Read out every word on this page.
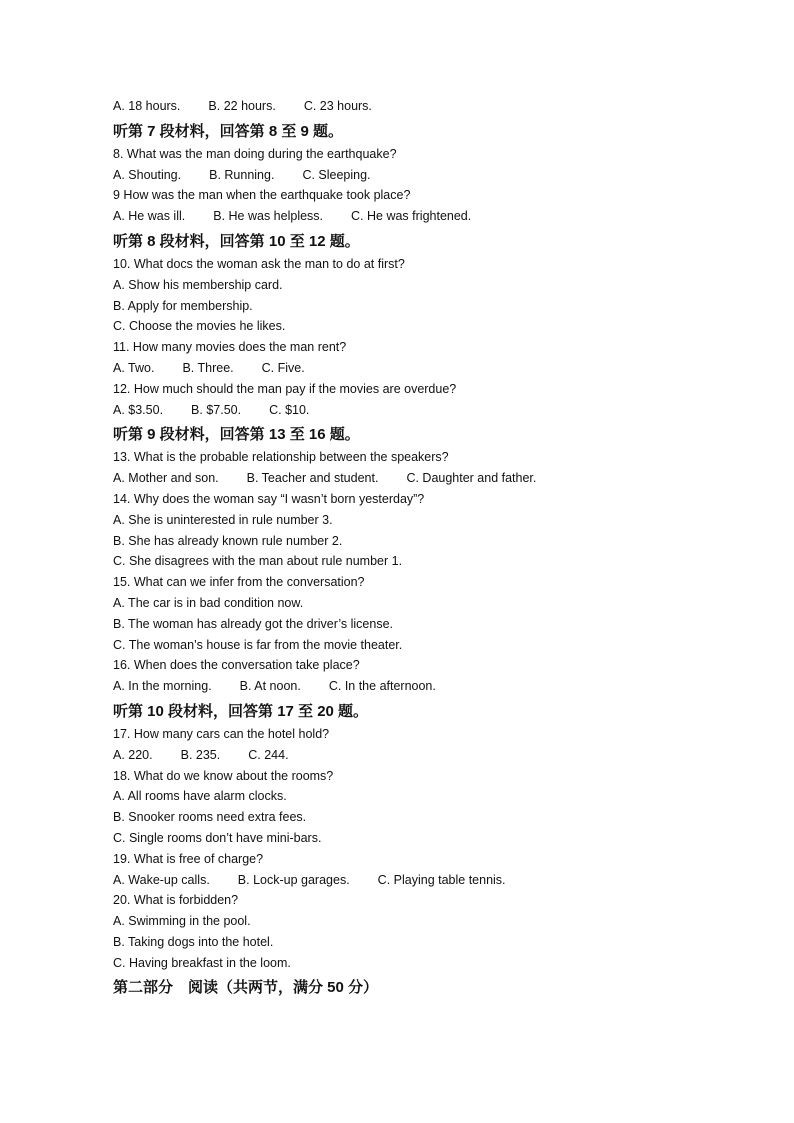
A. 18 hours. B. 22 hours. C. 23 hours.
听第 7 段材料，回答第 8 至 9 题。
8. What was the man doing during the earthquake?
A. Shouting. B. Running. C. Sleeping.
9 How was the man when the earthquake took place?
A. He was ill. B. He was helpless. C. He was frightened.
听第 8 段材料，回答第 10 至 12 题。
10. What docs the woman ask the man to do at first?
A. Show his membership card.
B. Apply for membership.
C. Choose the movies he likes.
11. How many movies does the man rent?
A. Two. B. Three. C. Five.
12. How much should the man pay if the movies are overdue?
A. $3.50. B. $7.50. C. $10.
听第 9 段材料，回答第 13 至 16 题。
13. What is the probable relationship between the speakers?
A. Mother and son. B. Teacher and student. C. Daughter and father.
14. Why does the woman say “I wasn’t born yesterday”?
A. She is uninterested in rule number 3.
B. She has already known rule number 2.
C. She disagrees with the man about rule number 1.
15. What can we infer from the conversation?
A. The car is in bad condition now.
B. The woman has already got the driver’s license.
C. The woman’s house is far from the movie theater.
16. When does the conversation take place?
A. In the morning. B. At noon. C. In the afternoon.
听第 10 段材料，回答第 17 至 20 题。
17. How many cars can the hotel hold?
A. 220. B. 235. C. 244.
18. What do we know about the rooms?
A. All rooms have alarm clocks.
B. Snooker rooms need extra fees.
C. Single rooms don’t have mini-bars.
19. What is free of charge?
A. Wake-up calls. B. Lock-up garages. C. Playing table tennis.
20. What is forbidden?
A. Swimming in the pool.
B. Taking dogs into the hotel.
C. Having breakfast in the loom.
第二部分　阅读（共两节，满分 50 分）
